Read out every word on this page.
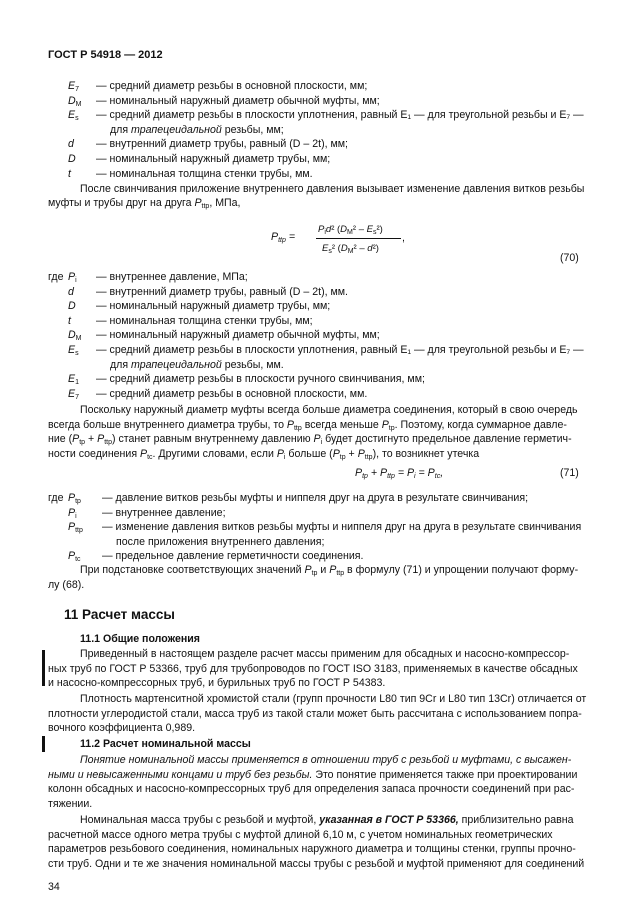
ГОСТ Р 54918 — 2012
$E_7$ — средний диаметр резьбы в основной плоскости, мм;
$D_M$ — номинальный наружный диаметр обычной муфты, мм;
$E_s$ — средний диаметр резьбы в плоскости уплотнения, равный E₁ — для треугольной резьбы и E₇ —
для трапецеидальной резьбы, мм;
d — внутренний диаметр трубы, равный (D – 2t), мм;
D — номинальный наружный диаметр трубы, мм;
t — номинальная толщина стенки трубы, мм.
После свинчивания приложение внутреннего давления вызывает изменение давления витков резьбы
муфты и трубы друг на друга $P_{ttp}$, МПа,
$P_{ttp}$ =
$P_id^2$ $(D_M^2 - E_s^2)$
$E_s^2$ $(D_M^2 - d^2)$
,
(70)
где $P_i$ — внутреннее давление, МПа;
d — внутренний диаметр трубы, равный (D – 2t), мм.
D — номинальный наружный диаметр трубы, мм;
t — номинальная толщина стенки трубы, мм;
$D_M$ — номинальный наружный диаметр обычной муфты, мм;
$E_s$ — средний диаметр резьбы в плоскости уплотнения, равный E₁ — для треугольной резьбы и E₇ —
для трапецеидальной резьбы, мм.
$E_1$ — средний диаметр резьбы в плоскости ручного свинчивания, мм;
$E_7$ — средний диаметр резьбы в основной плоскости, мм.
Поскольку наружный диаметр муфты всегда больше диаметра соединения, который в свою очередь
всегда больше внутреннего диаметра трубы, то $P_{ttp}$ всегда меньше $P_{tp}$. Поэтому, когда суммарное давле-
ние $(P_{tp} + P_{ttp})$ станет равным внутреннему давлению $P_i$ будет достигнуто предельное давление герметич-
ности соединения $P_{tc}$. Другими словами, если $P_i$ больше $(P_{tp} + P_{ttp})$, то возникнет утечка
$P_{tp} + P_{ttp} = P_i = P_{tc}$,	(71)
где $P_{tp}$ — давление витков резьбы муфты и ниппеля друг на друга в результате свинчивания;
$P_i$ — внутреннее давление;
$P_{ttp}$ — изменение давления витков резьбы муфты и ниппеля друг на друга в результате свинчивания
после приложения внутреннего давления;
$P_{tc}$ — предельное давление герметичности соединения.
При подстановке соответствующих значений $P_{tp}$ и $P_{ttp}$ в формулу (71) и упрощении получают форму-
лу (68).
11 Расчет массы
11.1 Общие положения
Приведенный в настоящем разделе расчет массы применим для обсадных и насосно-компрессор-
ных труб по ГОСТ Р 53366, труб для трубопроводов по ГОСТ ISO 3183, применяемых в качестве обсадных
и насосно-компрессорных труб, и бурильных труб по ГОСТ Р 54383.
Плотность мартенситной хромистой стали (групп прочности L80 тип 9Cr и L80 тип 13Cr) отличается от
плотности углеродистой стали, масса труб из такой стали может быть рассчитана с использованием попра-
вочного коэффициента 0,989.
11.2 Расчет номинальной массы
Понятие номинальной массы применяется в отношении труб с резьбой и муфтами, с высажен-
ными и невысаженными концами и труб без резьбы. Это понятие применяется также при проектировании
колонн обсадных и насосно-компрессорных труб для определения запаса прочности соединений при рас-
тяжении.
Номинальная масса трубы с резьбой и муфтой, указанная в ГОСТ Р 53366, приблизительно равна
расчетной массе одного метра трубы с муфтой длиной 6,10 м, с учетом номинальных геометрических
параметров резьбового соединения, номинальных наружного диаметра и толщины стенки, группы прочно-
сти труб. Одни и те же значения номинальной массы трубы с резьбой и муфтой применяют для соединений
34
